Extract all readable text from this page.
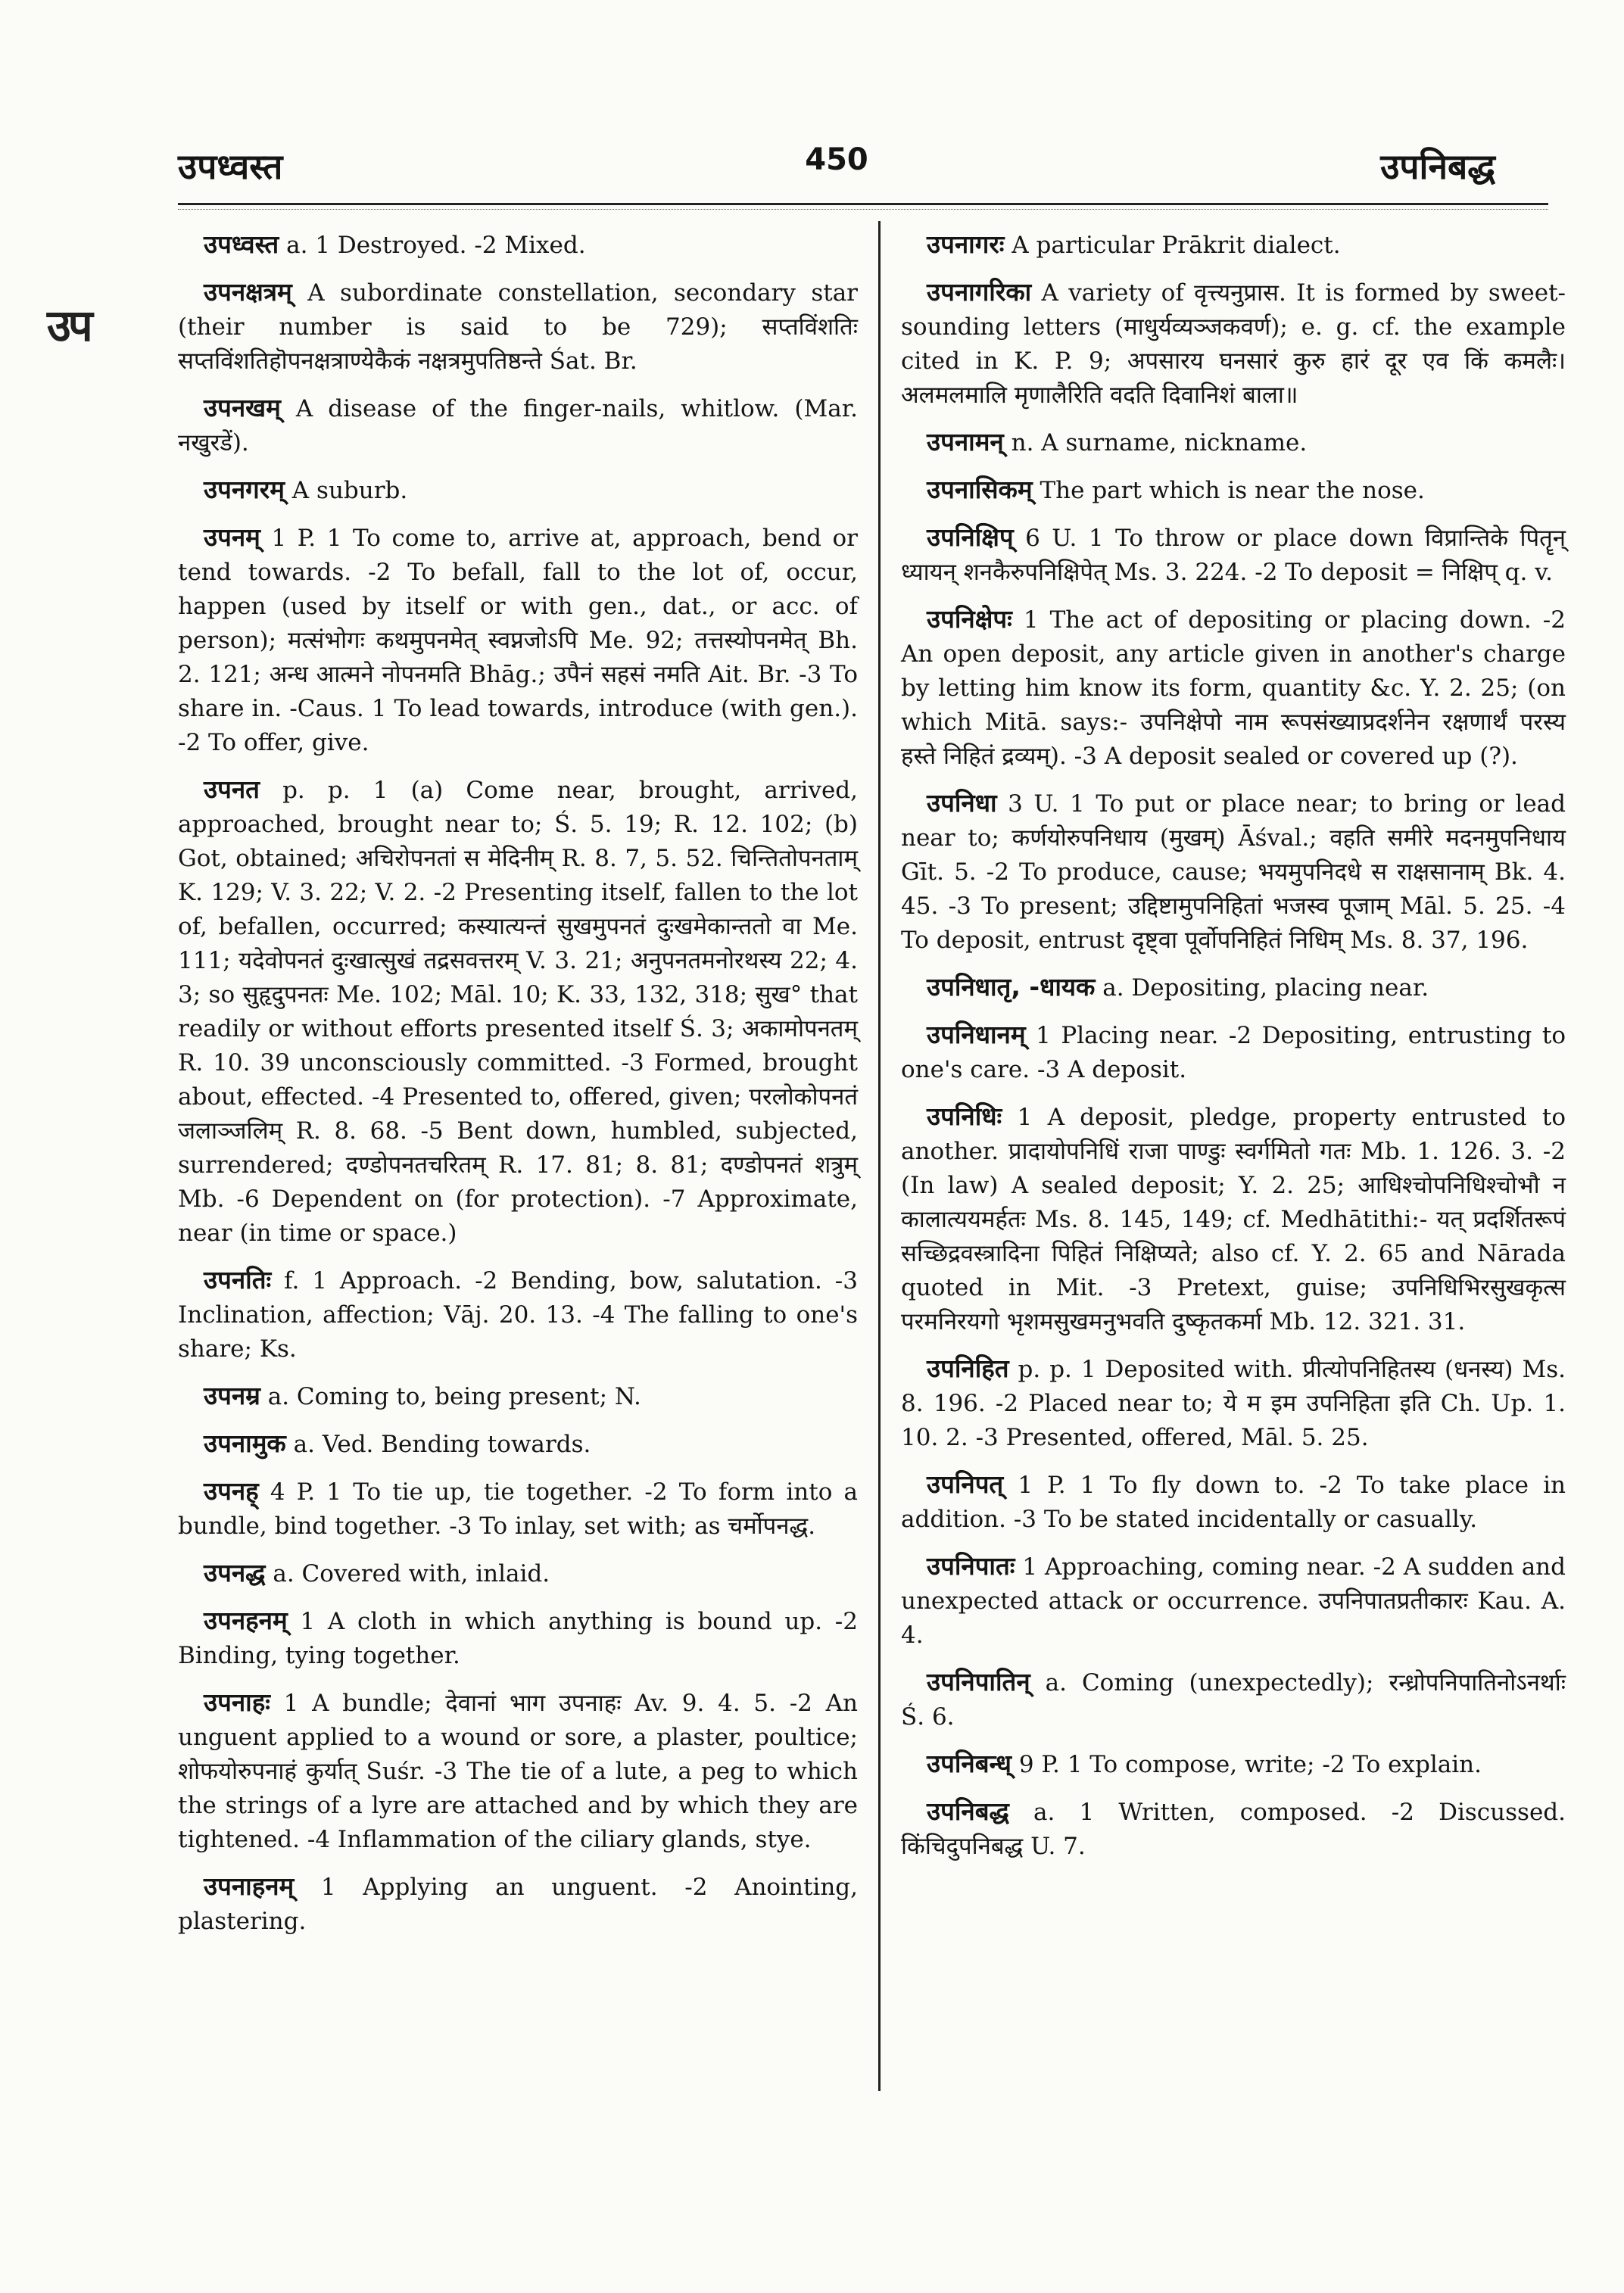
उपध्वस्त	450	उपनिबद्ध
उप

उपध्वस्त a. 1 Destroyed. -2 Mixed.

उपनक्षत्रम् A subordinate constellation, secondary star (their number is said to be 729); सप्तविंशतिः सप्तविंशतिहॊपनक्षत्राण्येकैकं नक्षत्रमुपतिष्ठन्ते Śat. Br.

उपनखम् A disease of the finger-nails, whitlow. (Mar. नखुरडें).

उपनगरम् A suburb.

उपनम् 1 P. 1 To come to, arrive at, approach, bend or tend towards. -2 To befall, fall to the lot of, occur, happen (used by itself or with gen., dat., or acc. of person); मत्संभोगः कथमुपनमेत् स्वप्नजोऽपि Me. 92; तत्तस्योपनमेत् Bh. 2. 121; अन्ध आत्मने नोपनमति Bhāg.; उपैनं सहसं नमति Ait. Br. -3 To share in. -Caus. 1 To lead towards, introduce (with gen.). -2 To offer, give.

उपनत p. p. 1 (a) Come near, brought, arrived, approached, brought near to; Ś. 5. 19; R. 12. 102; (b) Got, obtained; अचिरोपनतां स मेदिनीम् R. 8. 7, 5. 52. चिन्तितोपनताम् K. 129; V. 3. 22; V. 2. -2 Presenting itself, fallen to the lot of, befallen, occurred; कस्यात्यन्तं सुखमुपनतं दुःखमेकान्ततो वा Me. 111; यदेवोपनतं दुःखात्सुखं तद्रसवत्तरम् V. 3. 21; अनुपनतमनोरथस्य 22; 4. 3; so सुहृदुपनतः Me. 102; Māl. 10; K. 33, 132, 318; सुख° that readily or without efforts presented itself Ś. 3; अकामोपनतम् R. 10. 39 unconsciously committed. -3 Formed, brought about, effected. -4 Presented to, offered, given; परलोकोपनतं जलाञ्जलिम् R. 8. 68. -5 Bent down, humbled, subjected, surrendered; दण्डोपनतचरितम् R. 17. 81; 8. 81; दण्डोपनतं शत्रुम् Mb. -6 Dependent on (for protection). -7 Approximate, near (in time or space.)

उपनतिः f. 1 Approach. -2 Bending, bow, salutation. -3 Inclination, affection; Vāj. 20. 13. -4 The falling to one's share; Ks.

उपनम्र a. Coming to, being present; N.

उपनामुक a. Ved. Bending towards.

उपनह् 4 P. 1 To tie up, tie together. -2 To form into a bundle, bind together. -3 To inlay, set with; as चर्मोपनद्ध.

उपनद्ध a. Covered with, inlaid.

उपनहनम् 1 A cloth in which anything is bound up. -2 Binding, tying together.

उपनाहः 1 A bundle; देवानां भाग उपनाहः Av. 9. 4. 5. -2 An unguent applied to a wound or sore, a plaster, poultice; शोफयोरुपनाहं कुर्यात् Suśr. -3 The tie of a lute, a peg to which the strings of a lyre are attached and by which they are tightened. -4 Inflammation of the ciliary glands, stye.

उपनाहनम् 1 Applying an unguent. -2 Anointing, plastering.

उपनागरः A particular Prākrit dialect.

उपनागरिका A variety of वृत्त्यनुप्रास. It is formed by sweet-sounding letters (माधुर्यव्यञ्जकवर्ण); e. g. cf. the example cited in K. P. 9; अपसारय घनसारं कुरु हारं दूर एव किं कमलैः। अलमलमालि मृणालैरिति वदति दिवानिशं बाला॥

उपनामन् n. A surname, nickname.

उपनासिकम् The part which is near the nose.

उपनिक्षिप् 6 U. 1 To throw or place down विप्रान्तिके पितॄन् ध्यायन् शनकैरुपनिक्षिपेत् Ms. 3. 224. -2 To deposit = निक्षिप् q. v.

उपनिक्षेपः 1 The act of depositing or placing down. -2 An open deposit, any article given in another's charge by letting him know its form, quantity &c. Y. 2. 25; (on which Mitā. says:- उपनिक्षेपो नाम रूपसंख्याप्रदर्शनेन रक्षणार्थं परस्य हस्ते निहितं द्रव्यम्). -3 A deposit sealed or covered up (?).

उपनिधा 3 U. 1 To put or place near; to bring or lead near to; कर्णयोरुपनिधाय (मुखम्) Āśval.; वहति समीरे मदनमुपनिधाय Gīt. 5. -2 To produce, cause; भयमुपनिदधे स राक्षसानाम् Bk. 4. 45. -3 To present; उद्दिष्टामुपनिहितां भजस्व पूजाम् Māl. 5. 25. -4 To deposit, entrust दृष्ट्वा पूर्वोपनिहितं निधिम् Ms. 8. 37, 196.

उपनिधातृ, -धायक a. Depositing, placing near.

उपनिधानम् 1 Placing near. -2 Depositing, entrusting to one's care. -3 A deposit.

उपनिधिः 1 A deposit, pledge, property entrusted to another. प्रादायोपनिधिं राजा पाण्डुः स्वर्गमितो गतः Mb. 1. 126. 3. -2 (In law) A sealed deposit; Y. 2. 25; आधिश्चोपनिधिश्चोभौ न कालात्ययमर्हतः Ms. 8. 145, 149; cf. Medhātithi:- यत् प्रदर्शितरूपं सच्छिद्रवस्त्रादिना पिहितं निक्षिप्यते; also cf. Y. 2. 65 and Nārada quoted in Mit. -3 Pretext, guise; उपनिधिभिरसुखकृत्स परमनिरयगो भृशमसुखमनुभवति दुष्कृतकर्मा Mb. 12. 321. 31.

उपनिहित p. p. 1 Deposited with. प्रीत्योपनिहितस्य (धनस्य) Ms. 8. 196. -2 Placed near to; ये म इम उपनिहिता इति Ch. Up. 1. 10. 2. -3 Presented, offered, Māl. 5. 25.

उपनिपत् 1 P. 1 To fly down to. -2 To take place in addition. -3 To be stated incidentally or casually.

उपनिपातः 1 Approaching, coming near. -2 A sudden and unexpected attack or occurrence. उपनिपातप्रतीकारः Kau. A. 4.

उपनिपातिन् a. Coming (unexpectedly); रन्ध्रोपनिपातिनोऽनर्थाः Ś. 6.

उपनिबन्ध् 9 P. 1 To compose, write; -2 To explain.

उपनिबद्ध a. 1 Written, composed. -2 Discussed. किंचिदुपनिबद्ध U. 7.
